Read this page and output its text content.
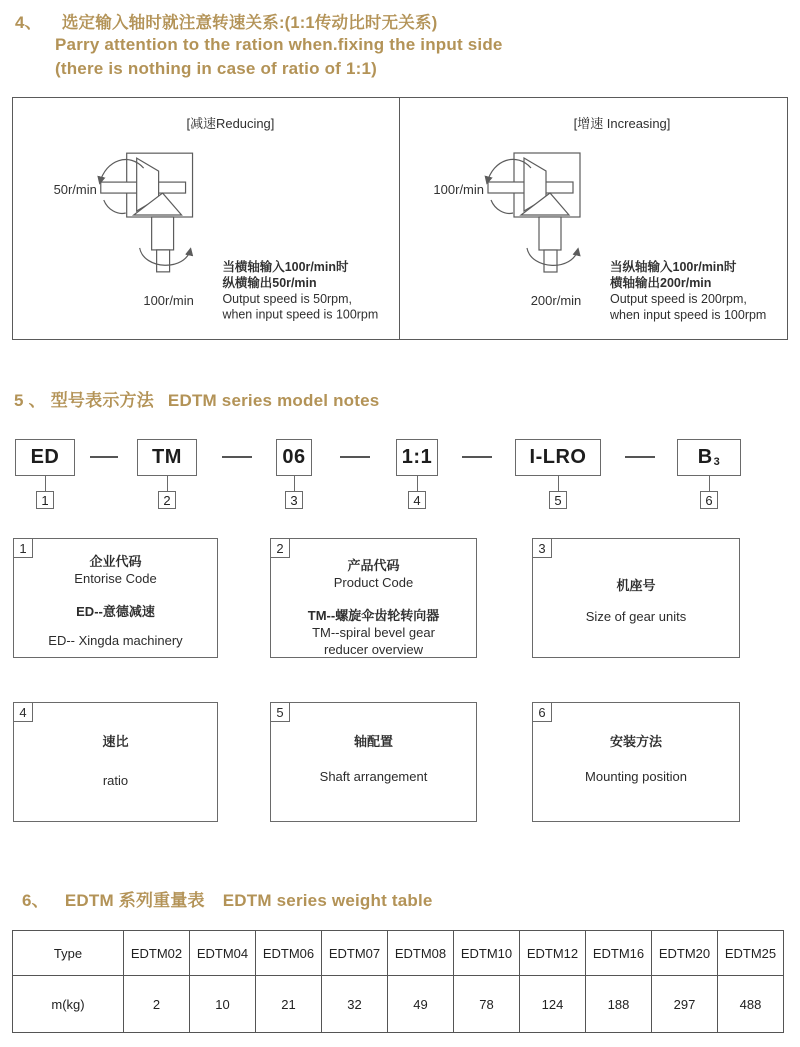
4、 选定输入轴时就注意转速关系:(1:1传动比时无关系)
Parry attention to the ration when.fixing the input side
(there is nothing in case of ratio of 1:1)
[减速Reducing]
50r/min
100r/min
当横轴输入100r/min时
纵横输出50r/min
Output speed is 50rpm,
when input speed is 100rpm
[增速 Increasing]
100r/min
200r/min
当纵轴输入100r/min时
横轴输出200r/min
Output speed is 200rpm,
when input speed is 100rpm
5 、 型号表示方法 EDTM series model notes
ED	TM	06	1:1	I-LRO	$B_3$
1	2	3	4	5	6
1
企业代码
Entorise Code
ED--意德减速
ED-- Xingda machinery
2
产品代码
Product Code
TM--螺旋伞齿轮转向器
TM--spiral bevel gear
reducer overview
3
机座号
Size of gear units
4
速比
ratio
5
轴配置
Shaft arrangement
6
安装方法
Mounting position
6、 EDTM 系列重量表 EDTM series weight table
Type	EDTM02	EDTM04	EDTM06	EDTM07	EDTM08	EDTM10	EDTM12	EDTM16	EDTM20	EDTM25
m(kg)	2	10	21	32	49	78	124	188	297	488
